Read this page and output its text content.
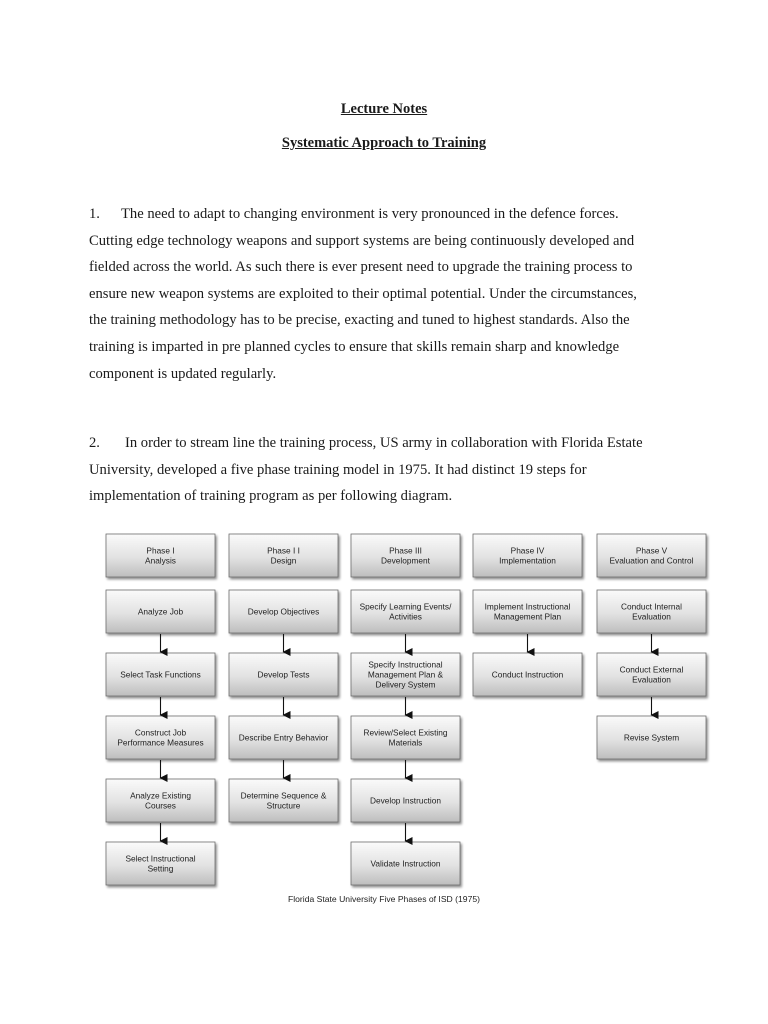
Lecture Notes
Systematic Approach to Training
1. The need to adapt to changing environment is very pronounced in the defence forces.
Cutting edge technology weapons and support systems are being continuously developed and
fielded across the world. As such there is ever present need to upgrade the training process to
ensure new weapon systems are exploited to their optimal potential. Under the circumstances,
the training methodology has to be precise, exacting and tuned to highest standards. Also the
training is imparted in pre planned cycles to ensure that skills remain sharp and knowledge
component is updated regularly.
2. In order to stream line the training process, US army in collaboration with Florida Estate
University, developed a five phase training model in 1975. It had distinct 19 steps for
implementation of training program as per following diagram.
Phase I
Analysis
Analyze Job
Select Task Functions
Construct Job
Performance Measures
Analyze Existing
Courses
Select Instructional
Setting
Phase I I
Design
Develop Objectives
Develop Tests
Describe Entry Behavior
Determine Sequence &
Structure
Phase III
Development
Specify Learning Events/
Activities
Specify Instructional
Management Plan &
Delivery System
Review/Select Existing
Materials
Develop Instruction
Validate Instruction
Phase IV
Implementation
Implement Instructional
Management Plan
Conduct Instruction
Phase V
Evaluation and Control
Conduct Internal
Evaluation
Conduct External
Evaluation
Revise System

Florida State University Five Phases of ISD (1975)
